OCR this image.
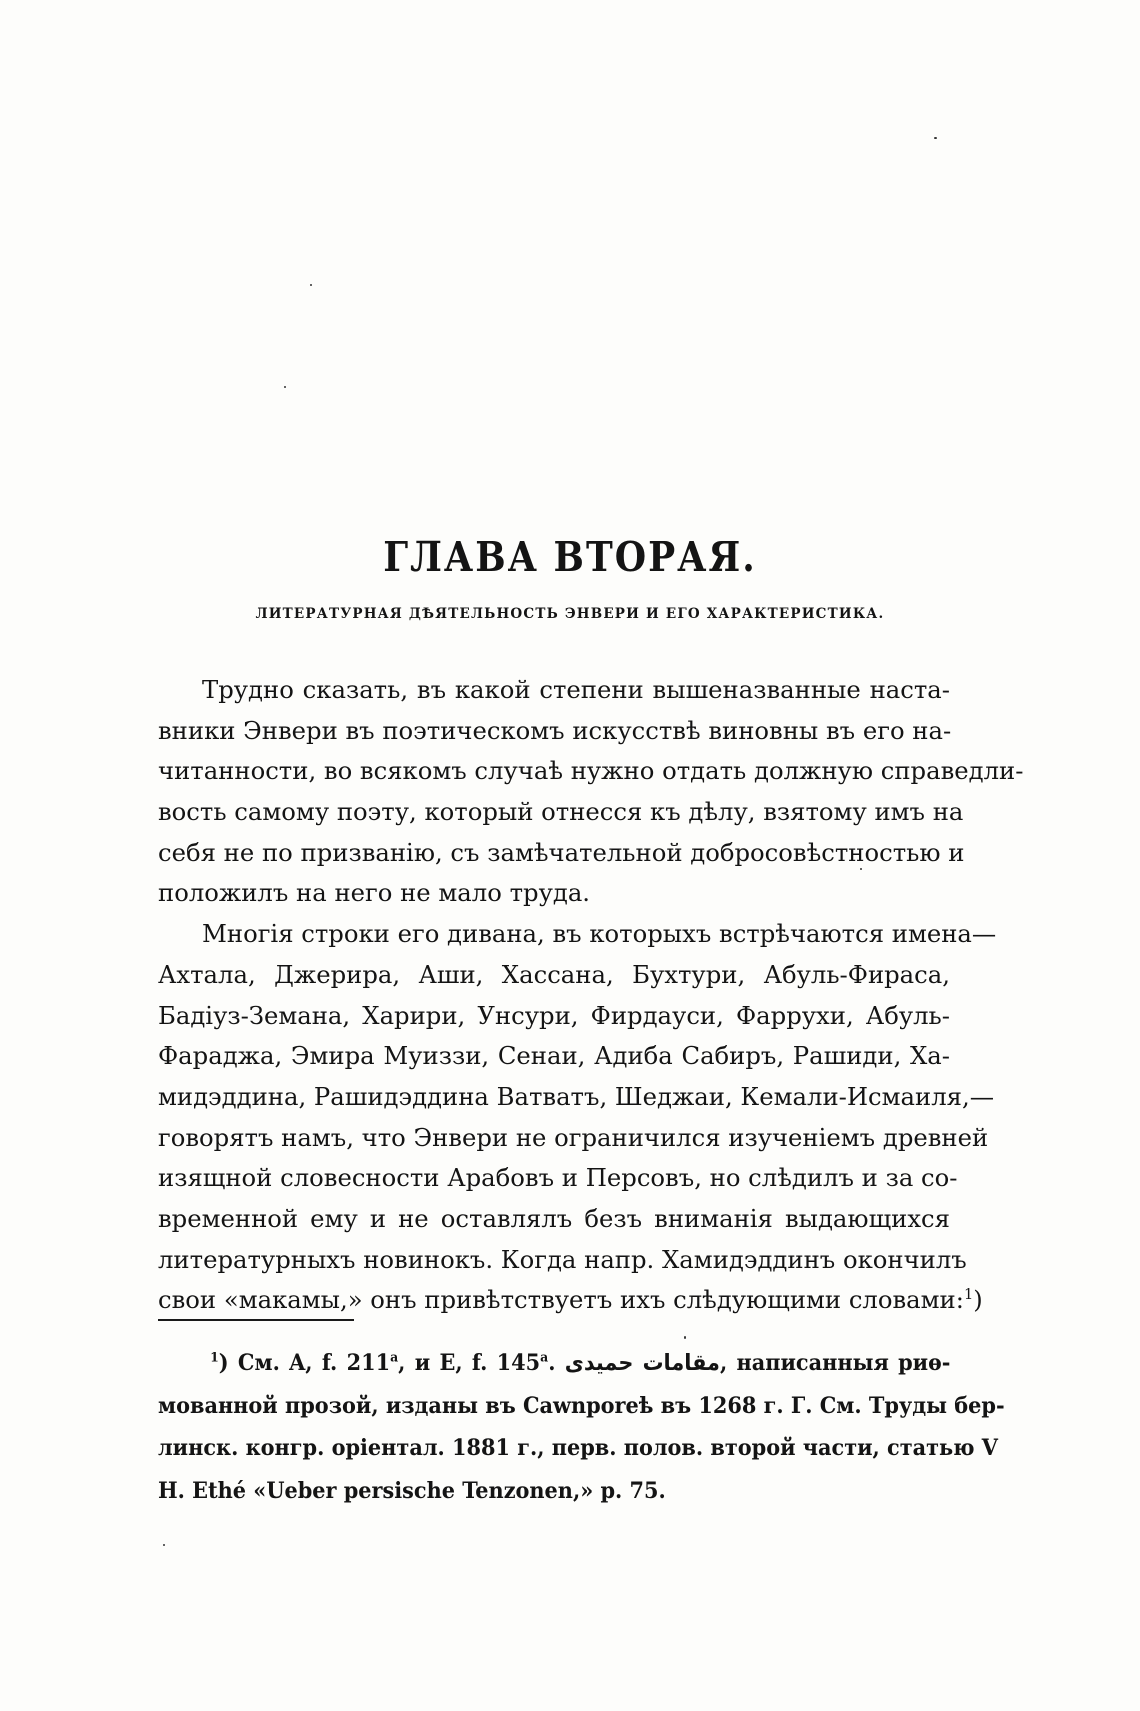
ГЛАВА ВТОРАЯ.
ЛИТЕРАТУРНАЯ ДѢЯТЕЛЬНОСТЬ ЭНВЕРИ И ЕГО ХАРАКТЕРИСТИКА.
Трудно сказать, въ какой степени вышеназванные наста-
вники Энвери въ поэтическомъ искусствѣ виновны въ его на-
читанности, во всякомъ случаѣ нужно отдать должную справедли-
вость самому поэту, который отнесся къ дѣлу, взятому имъ на
себя не по призванію, съ замѣчательной добросовѣстностью и
положилъ на него не мало труда.
Многія строки его дивана, въ которыхъ встрѣчаются имена—
Ахтала, Джерира, Аши, Хассана, Бухтури, Абуль-Фираса,
Бадіуз-Земана, Харири, Унсури, Фирдауси, Фаррухи, Абуль-
Фараджа, Эмира Муиззи, Сенаи, Адиба Сабиръ, Рашиди, Ха-
мидэддина, Рашидэддина Ватватъ, Шеджаи, Кемали-Исмаиля,—
говорятъ намъ, что Энвери не ограничился изученіемъ древней
изящной словесности Арабовъ и Персовъ, но слѣдилъ и за со-
временной ему и не оставлялъ безъ вниманія выдающихся
литературныхъ новинокъ. Когда напр. Хамидэддинъ окончилъ
свои «макамы,» онъ привѣтствуетъ ихъ слѣдующими словами:$^1$)
$^1$) См. A, f. 211$^a$, и E, f. 145$^a$. مقامات حمیدی, написанныя риѳ-
мованной прозой, изданы въ Cawnporeѣ въ 1268 г. Г. См. Труды бер-
линск. конгр. оріентал. 1881 г., перв. полов. второй части, статью V
H. Ethé «Ueber persische Tenzonen,» p. 75.
